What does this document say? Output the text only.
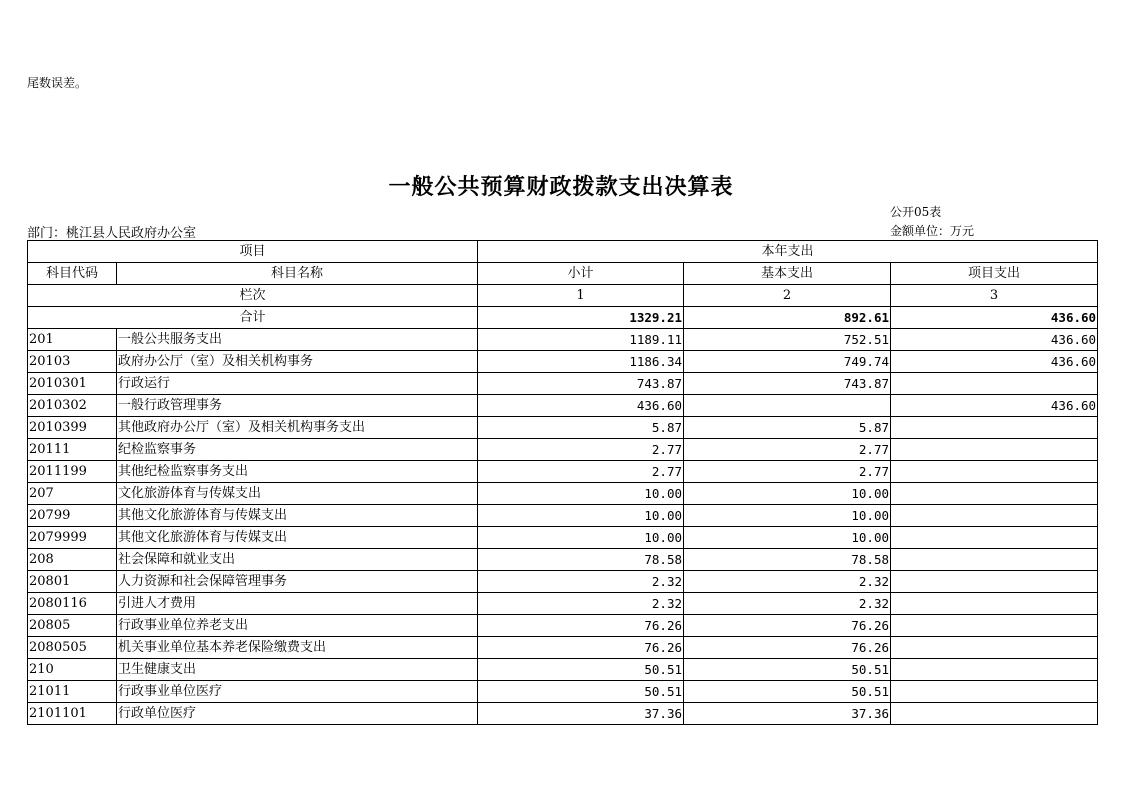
尾数误差。
一般公共预算财政拨款支出决算表
公开05表
部门：桃江县人民政府办公室	金额单位：万元
项目		本年支出		
科目代码	科目名称	小计	基本支出	项目支出
栏次		1	2	3
合计		1329.21	892.61	436.60
201	一般公共服务支出	1189.11	752.51	436.60
20103	政府办公厅（室）及相关机构事务	1186.34	749.74	436.60
2010301	行政运行	743.87	743.87	
2010302	一般行政管理事务	436.60		436.60
2010399	其他政府办公厅（室）及相关机构事务支出	5.87	5.87	
20111	纪检监察事务	2.77	2.77	
2011199	其他纪检监察事务支出	2.77	2.77	
207	文化旅游体育与传媒支出	10.00	10.00	
20799	其他文化旅游体育与传媒支出	10.00	10.00	
2079999	其他文化旅游体育与传媒支出	10.00	10.00	
208	社会保障和就业支出	78.58	78.58	
20801	人力资源和社会保障管理事务	2.32	2.32	
2080116	引进人才费用	2.32	2.32	
20805	行政事业单位养老支出	76.26	76.26	
2080505	机关事业单位基本养老保险缴费支出	76.26	76.26	
210	卫生健康支出	50.51	50.51	
21011	行政事业单位医疗	50.51	50.51	
2101101	行政单位医疗	37.36	37.36	
